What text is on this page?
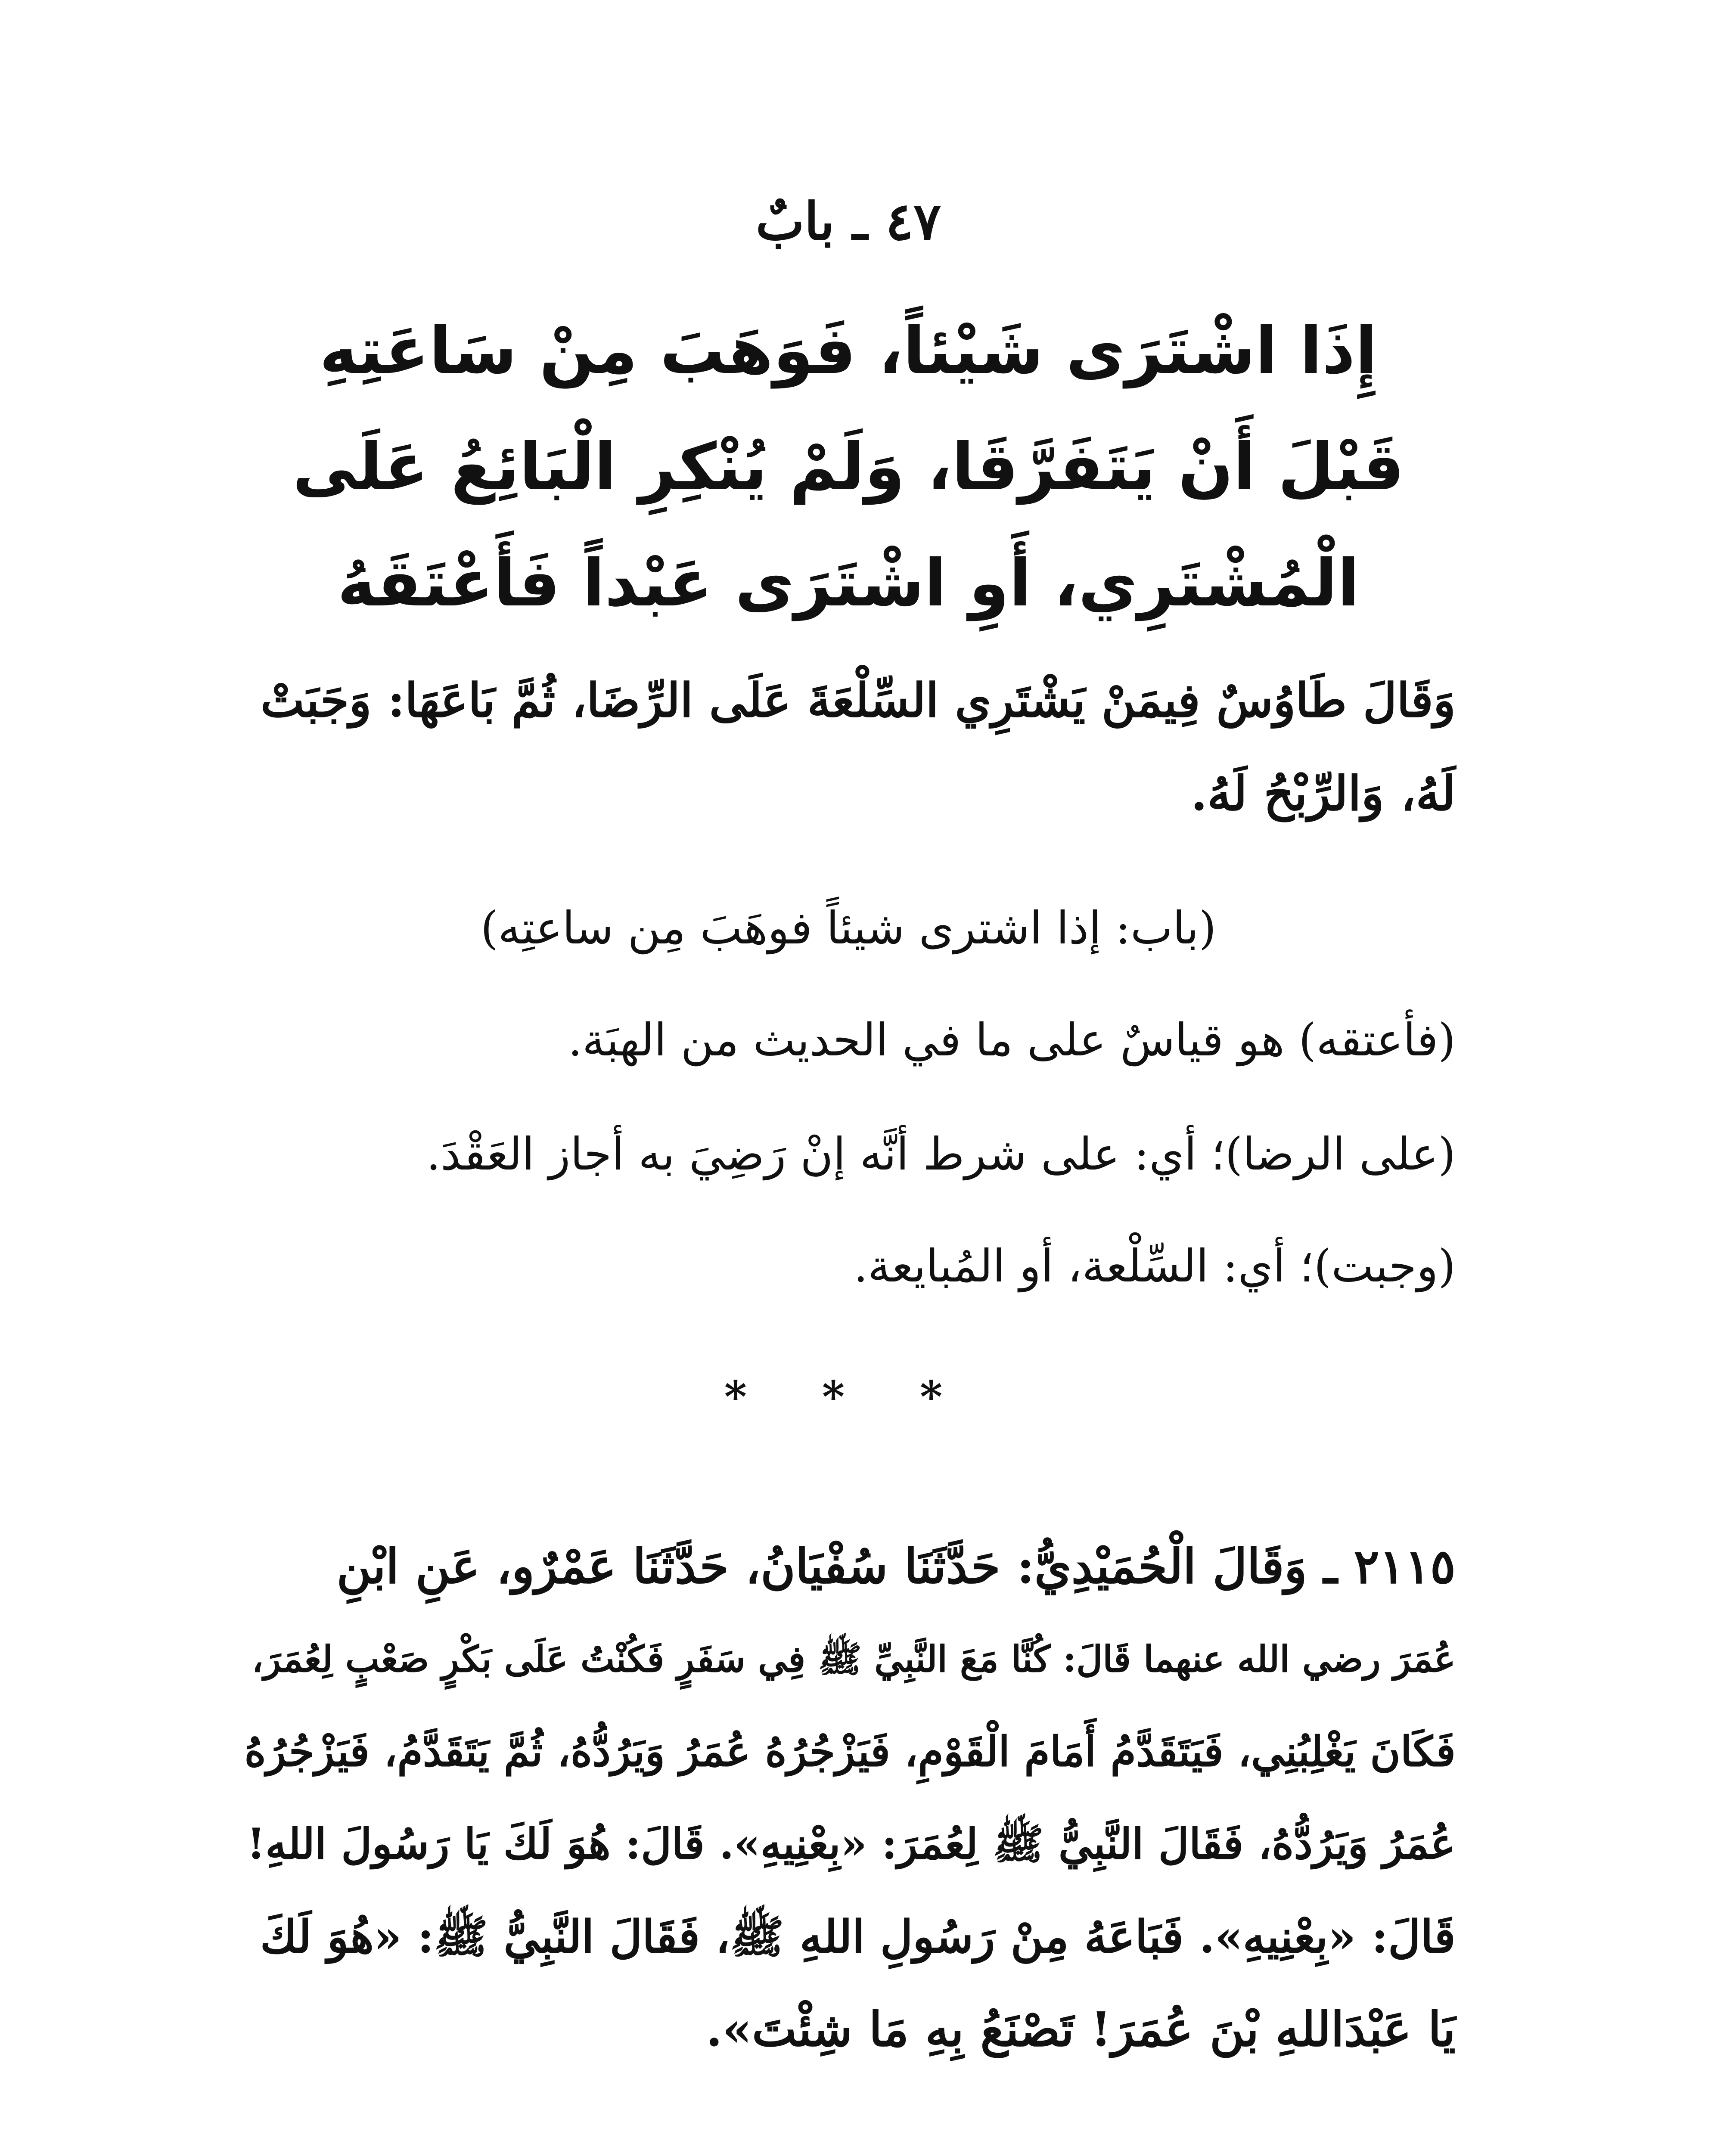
٤٧ ـ بابٌ
إِذَا اشْتَرَى شَيْئاً، فَوَهَبَ مِنْ سَاعَتِهِ
قَبْلَ أَنْ يَتَفَرَّقَا، وَلَمْ يُنْكِرِ الْبَائِعُ عَلَى
الْمُشْتَرِي، أَوِ اشْتَرَى عَبْداً فَأَعْتَقَهُ
وَقَالَ طَاوُسٌ فِيمَنْ يَشْتَرِي السِّلْعَةَ عَلَى الرِّضَا، ثُمَّ بَاعَهَا: وَجَبَتْ
لَهُ، وَالرِّبْحُ لَهُ.
(باب: إذا اشترى شيئاً فوهَبَ مِن ساعتِه)
(فأعتقه) هو قياسٌ على ما في الحديث من الهبَة.
(على الرضا)؛ أي: على شرط أنَّه إنْ رَضِيَ به أجاز العَقْدَ.
(وجبت)؛ أي: السِّلْعة، أو المُبايعة.
* * *
٢١١٥ ـ وَقَالَ الْحُمَيْدِيُّ: حَدَّثَنَا سُفْيَانُ، حَدَّثَنَا عَمْرٌو، عَنِ ابْنِ
عُمَرَ رضي الله عنهما قَالَ: كُنَّا مَعَ النَّبِيِّ ﷺ فِي سَفَرٍ فَكُنْتُ عَلَى بَكْرٍ صَعْبٍ لِعُمَرَ،
فَكَانَ يَغْلِبُنِي، فَيَتَقَدَّمُ أَمَامَ الْقَوْمِ، فَيَزْجُرُهُ عُمَرُ وَيَرُدُّهُ، ثُمَّ يَتَقَدَّمُ، فَيَزْجُرُهُ
عُمَرُ وَيَرُدُّهُ، فَقَالَ النَّبِيُّ ﷺ لِعُمَرَ: «بِعْنِيهِ». قَالَ: هُوَ لَكَ يَا رَسُولَ اللهِ!
قَالَ: «بِعْنِيهِ». فَبَاعَهُ مِنْ رَسُولِ اللهِ ﷺ، فَقَالَ النَّبِيُّ ﷺ: «هُوَ لَكَ
يَا عَبْدَاللهِ بْنَ عُمَرَ! تَصْنَعُ بِهِ مَا شِئْتَ».
